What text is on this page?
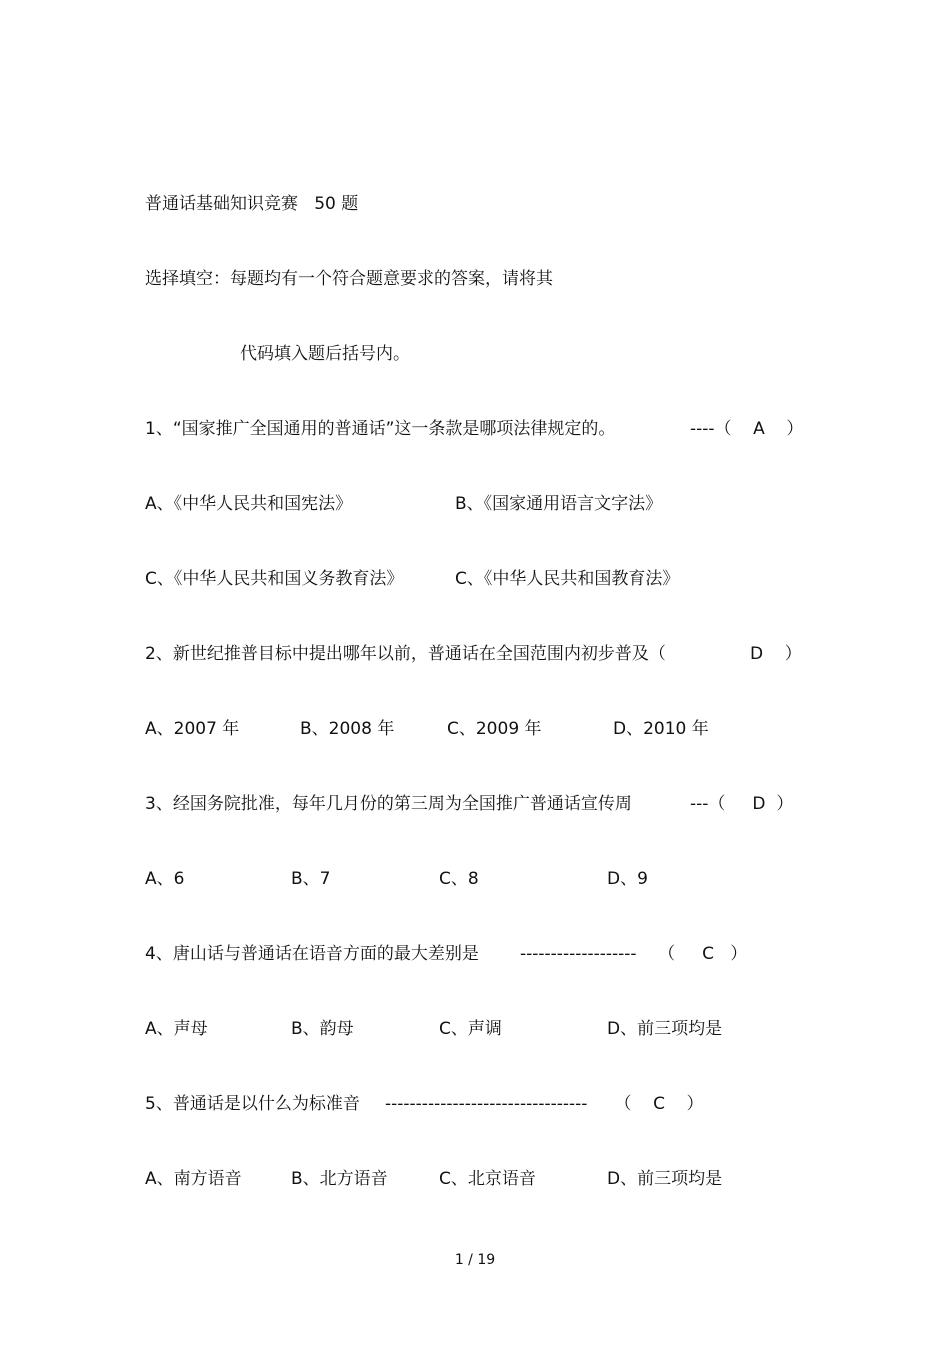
普通话基础知识竞赛   50 题
选择填空：每题均有一个符合题意要求的答案，请将其
代码填入题后括号内。
1、“国家推广全国通用的普通话”这一条款是哪项法律规定的。	----（    A    ）
A、《中华人民共和国宪法》	B、《国家通用语言文字法》
C、《中华人民共和国义务教育法》	C、《中华人民共和国教育法》
2、新世纪推普目标中提出哪年以前，普通话在全国范围内初步普及（	D    ）
A、2007 年	B、2008 年	C、2009 年	D、2010 年
3、经国务院批准，每年几月份的第三周为全国推广普通话宣传周	---（     D  ）
A、6	B、7	C、8	D、9
4、唐山话与普通话在语音方面的最大差别是 -------------------    （     C   ）
A、声母	B、韵母	C、声调	D、前三项均是
5、普通话是以什么为标准音 ---------------------------------     （    C    ）
A、南方语音	B、北方语音	C、北京语音	D、前三项均是
1 / 19
